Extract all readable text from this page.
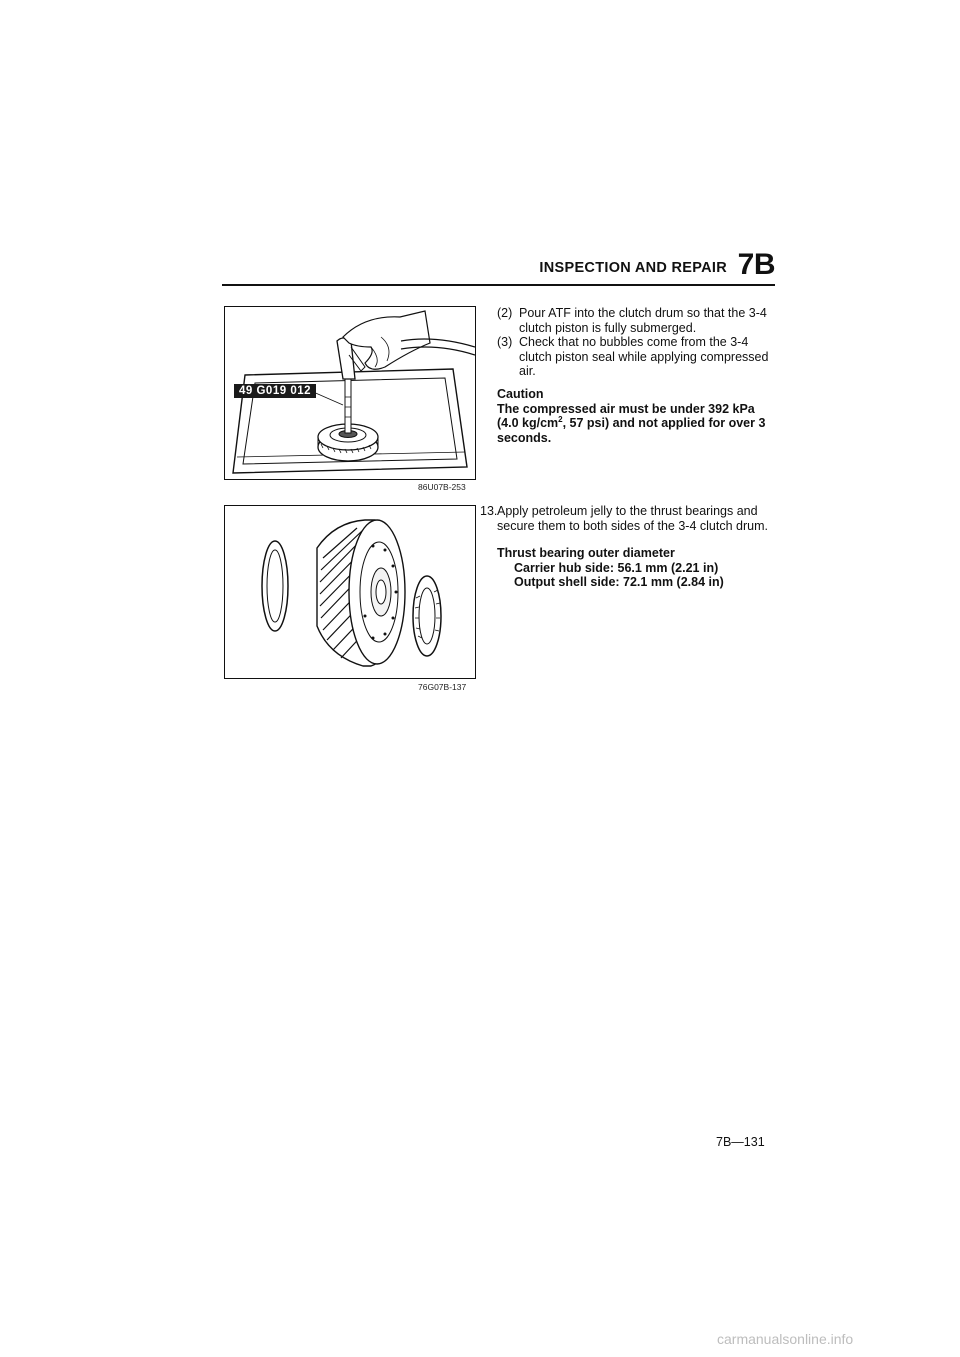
INSPECTION AND REPAIR 7B
49 G019 012
86U07B-253
76G07B-137
(2) Pour ATF into the clutch drum so that the 3-4 clutch piston is fully submerged.
(3) Check that no bubbles come from the 3-4 clutch piston seal while applying compressed air.
Caution
The compressed air must be under 392 kPa (4.0 $kg/cm^2$, 57 psi) and not applied for over 3 seconds.
13. Apply petroleum jelly to the thrust bearings and secure them to both sides of the 3-4 clutch drum.
Thrust bearing outer diameter
Carrier hub side: 56.1 mm (2.21 in)
Output shell side: 72.1 mm (2.84 in)
7B—131
carmanualsonline.info
